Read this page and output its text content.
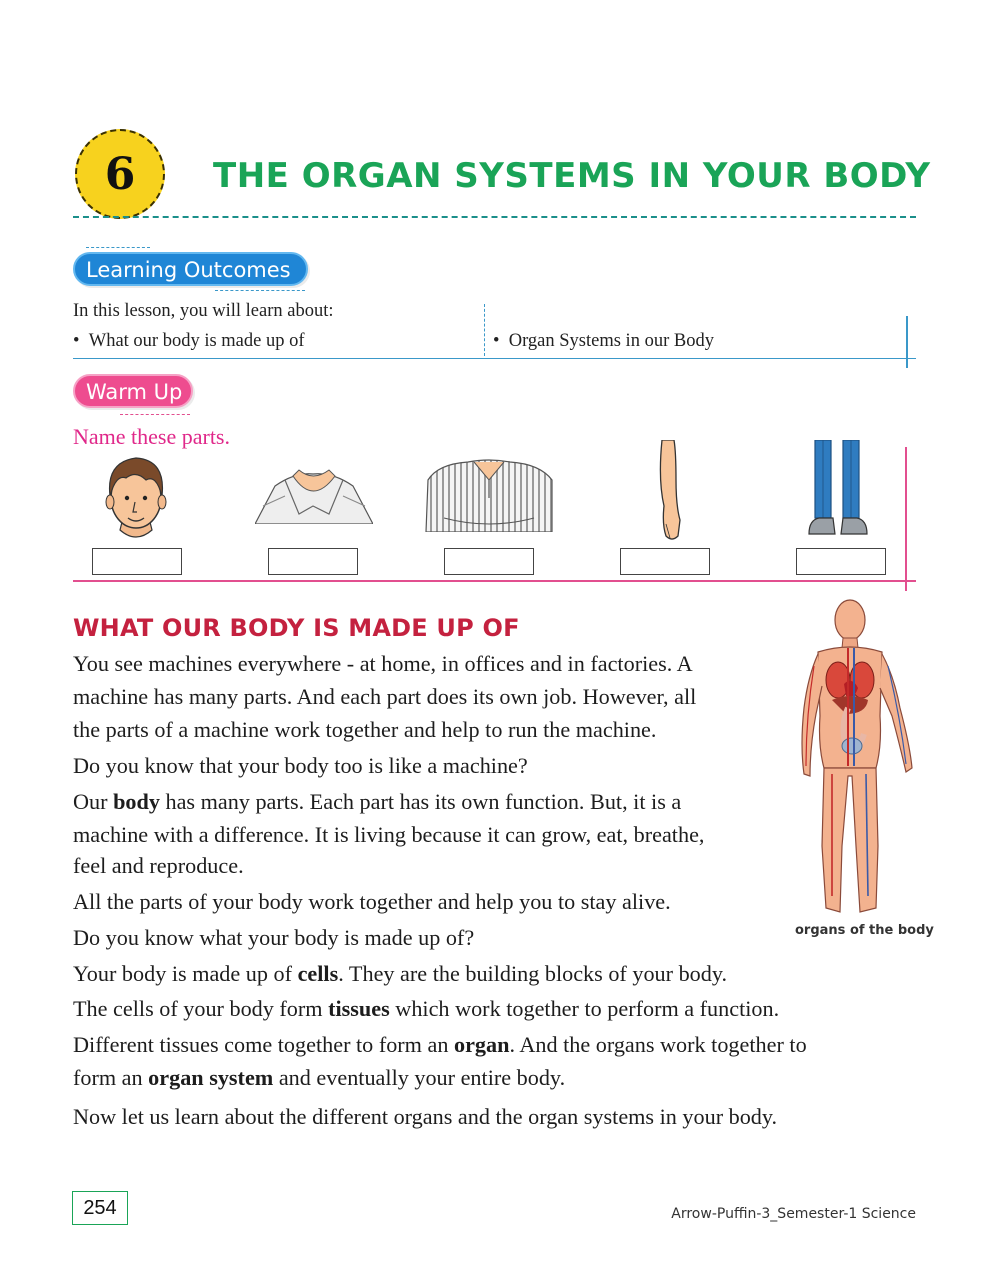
6	THE ORGAN SYSTEMS IN YOUR BODY
Learning Outcomes
In this lesson, you will learn about:
•  What our body is made up of	•  Organ Systems in our Body
Warm Up
Name these parts.
WHAT OUR BODY IS MADE UP OF
You see machines everywhere - at home, in offices and in factories. A
machine has many parts. And each part does its own job. However, all
the parts of a machine work together and help to run the machine.
Do you know that your body too is like a machine?
Our body has many parts. Each part has its own function. But, it is a
machine with a difference. It is living because it can grow, eat, breathe,
feel and reproduce.
All the parts of your body work together and help you to stay alive.
Do you know what your body is made up of?
Your body is made up of cells. They are the building blocks of your body.
The cells of your body form tissues which work together to perform a function.
Different tissues come together to form an organ. And the organs work together to
form an organ system and eventually your entire body.
Now let us learn about the different organs and the organ systems in your body.
organs of the body
254	Arrow-Puffin-3_Semester-1 Science
